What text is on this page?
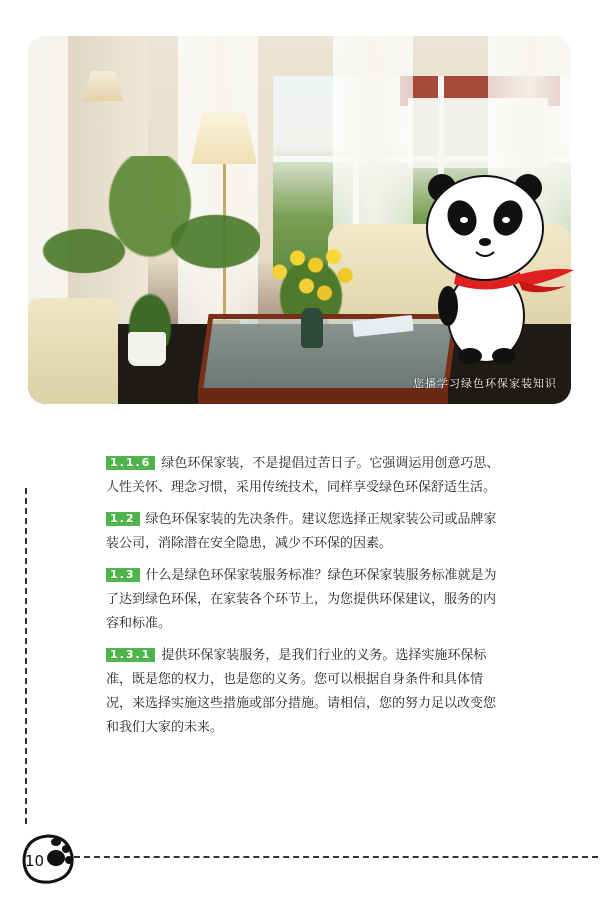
您播学习绿色环保家装知识

1.1.6 绿色环保家装，不是提倡过苦日子。它强调运用创意巧思、人性关怀、理念习惯，采用传统技术，同样享受绿色环保舒适生活。

1.2 绿色环保家装的先决条件。建议您选择正规家装公司或品牌家装公司，消除潜在安全隐患，减少不环保的因素。

1.3 什么是绿色环保家装服务标准？绿色环保家装服务标准就是为了达到绿色环保，在家装各个环节上，为您提供环保建议，服务的内容和标准。

1.3.1 提供环保家装服务，是我们行业的义务。选择实施环保标准，既是您的权力，也是您的义务。您可以根据自身条件和具体情况，来选择实施这些措施或部分措施。请相信，您的努力足以改变您和我们大家的未来。

10
